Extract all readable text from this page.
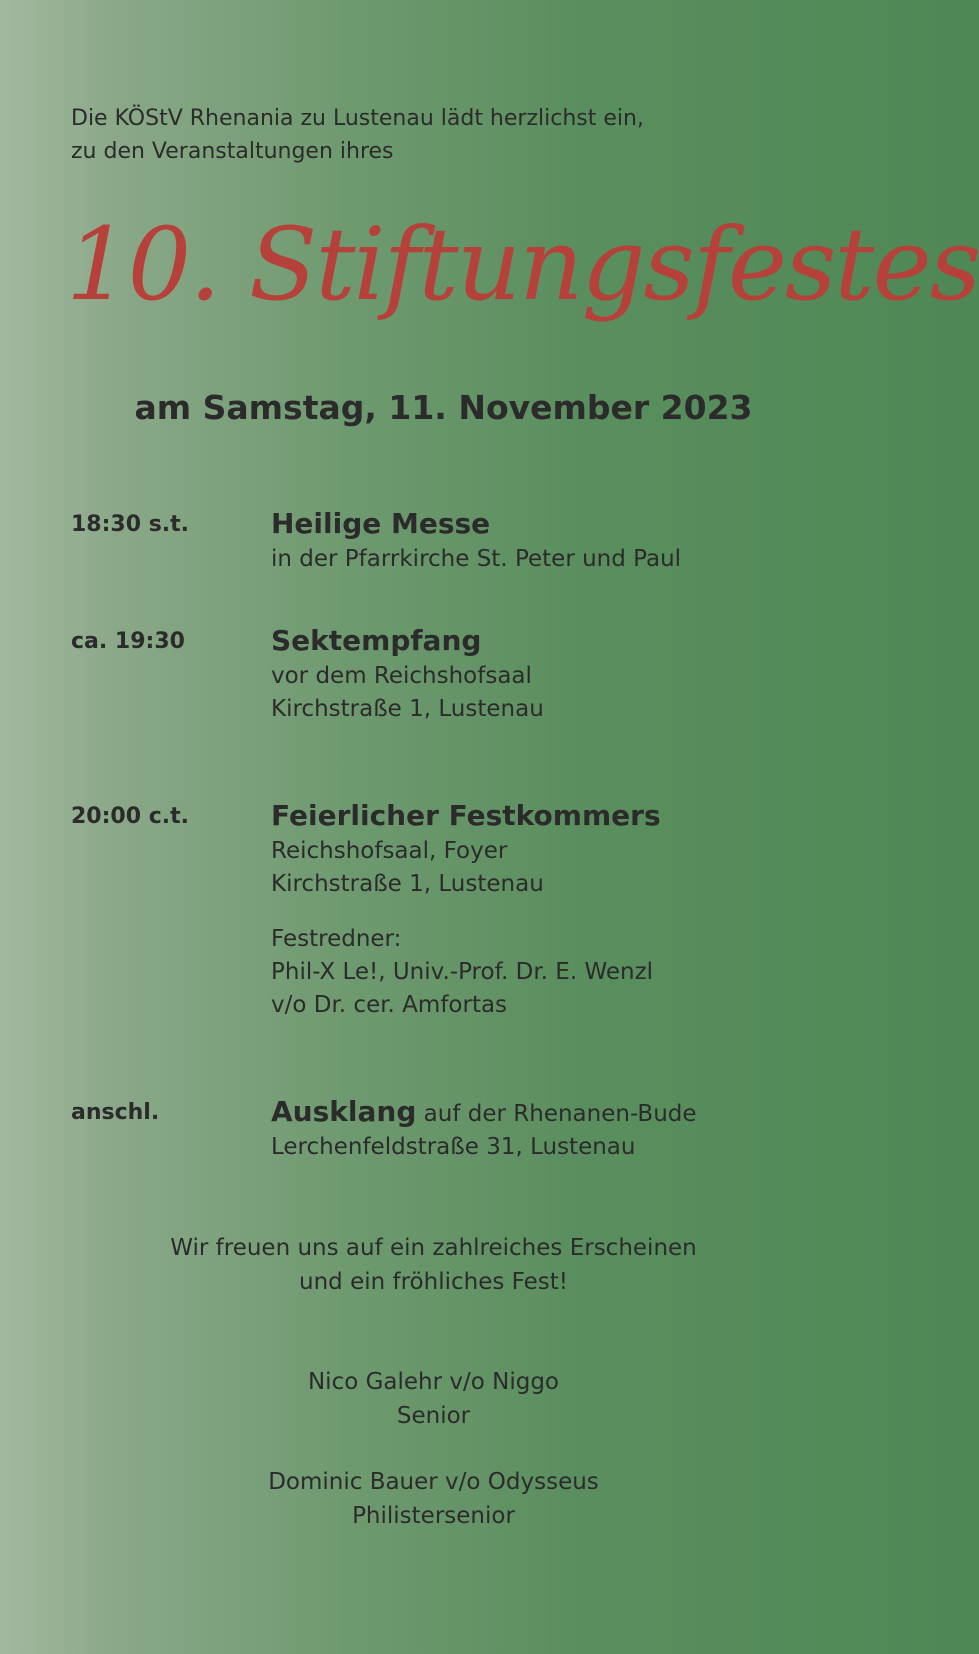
Die KÖStV Rhenania zu Lustenau lädt herzlichst ein,
zu den Veranstaltungen ihres
10. Stiftungsfestes
am Samstag, 11. November 2023
18:30 s.t.	Heilige Messe
in der Pfarrkirche St. Peter und Paul
ca. 19:30	Sektempfang
vor dem Reichshofsaal
Kirchstraße 1, Lustenau
20:00 c.t.	Feierlicher Festkommers
Reichshofsaal, Foyer
Kirchstraße 1, Lustenau
Festredner:
Phil-X Le!, Univ.-Prof. Dr. E. Wenzl
v/o Dr. cer. Amfortas
anschl.	Ausklang auf der Rhenanen-Bude
Lerchenfeldstraße 31, Lustenau
Wir freuen uns auf ein zahlreiches Erscheinen
und ein fröhliches Fest!
Nico Galehr v/o Niggo
Senior
Dominic Bauer v/o Odysseus
Philistersenior
